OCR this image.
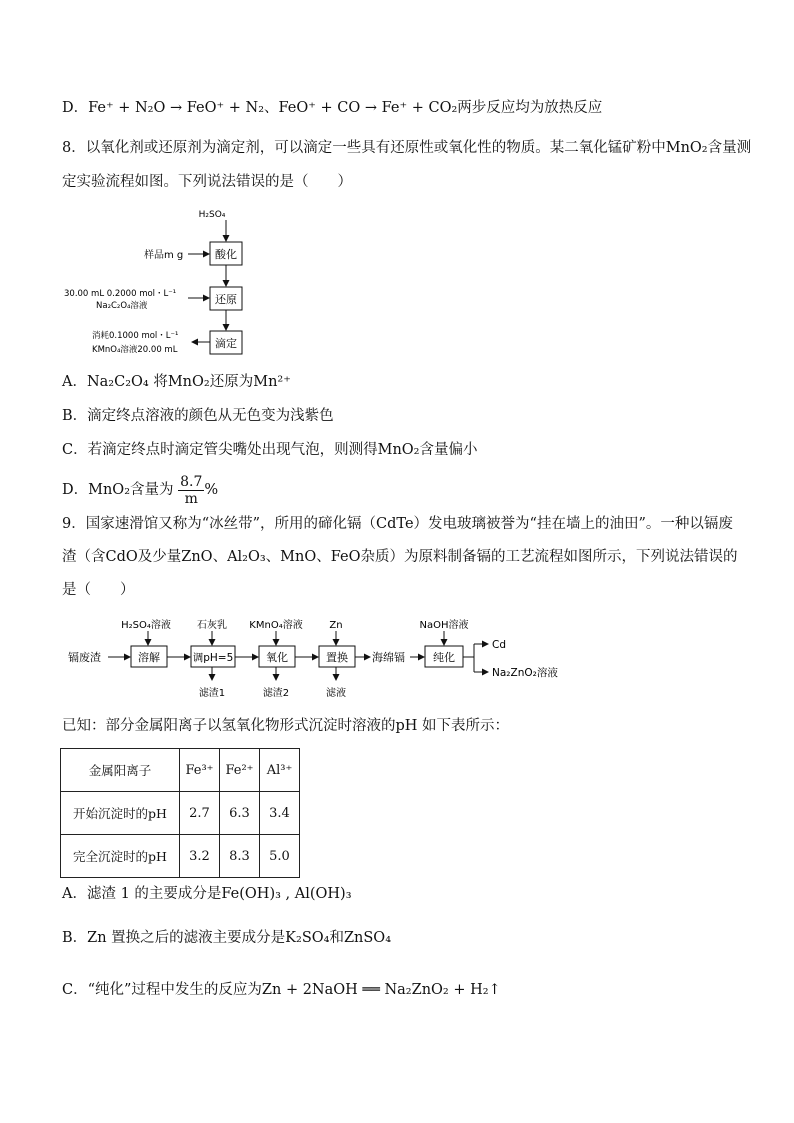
D．Fe⁺ + N₂O → FeO⁺ + N₂、FeO⁺ + CO → Fe⁺ + CO₂两步反应均为放热反应
8．以氧化剂或还原剂为滴定剂，可以滴定一些具有还原性或氧化性的物质。某二氧化锰矿粉中MnO₂含量测
定实验流程如图。下列说法错误的是（　　）
H₂SO₄
酸化
样品m g
还原
30.00 mL 0.2000 mol・L⁻¹
Na₂C₂O₄溶液
滴定
消耗0.1000 mol・L⁻¹
KMnO₄溶液20.00 mL
A．Na₂C₂O₄ 将MnO₂还原为Mn²⁺
B．滴定终点溶液的颜色从无色变为浅紫色
C．若滴定终点时滴定管尖嘴处出现气泡，则测得MnO₂含量偏小
D．MnO₂含量为 $\frac{8.7}{m}$ %
9．国家速滑馆又称为“冰丝带”，所用的碲化镉（CdTe）发电玻璃被誉为“挂在墙上的油田”。一种以镉废
渣（含CdO及少量ZnO、Al₂O₃、MnO、FeO杂质）为原料制备镉的工艺流程如图所示，下列说法错误的
是（　　）
镉废渣
H₂SO₄溶液
溶解
石灰乳
调pH=5
滤渣1
KMnO₄溶液
氧化
滤渣2
Zn
置换
滤液
海绵镉
NaOH溶液
纯化
Cd
Na₂ZnO₂溶液
已知：部分金属阳离子以氢氧化物形式沉淀时溶液的pH 如下表所示：
金属阳离子	Fe³⁺	Fe²⁺	Al³⁺
开始沉淀时的pH	2.7	6.3	3.4
完全沉淀时的pH	3.2	8.3	5.0
A．滤渣 1 的主要成分是Fe(OH)₃ , Al(OH)₃
B．Zn 置换之后的滤液主要成分是K₂SO₄和ZnSO₄
C．“纯化”过程中发生的反应为Zn + 2NaOH ══ Na₂ZnO₂ + H₂↑
